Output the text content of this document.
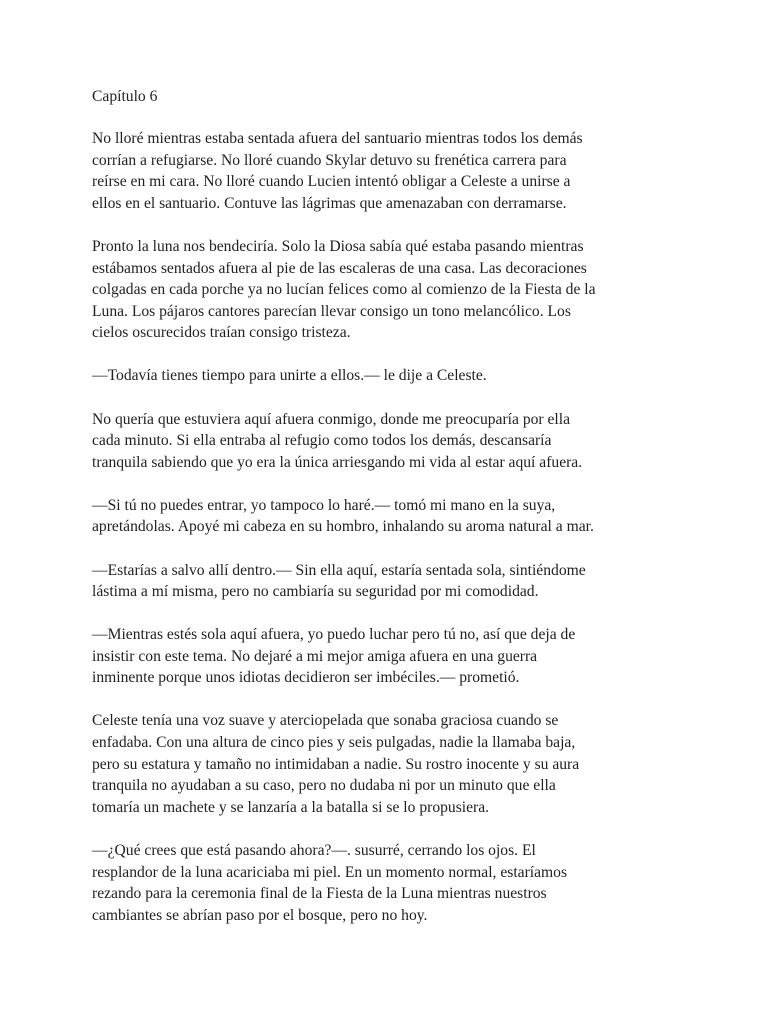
Capítulo 6

No lloré mientras estaba sentada afuera del santuario mientras todos los demás
corrían a refugiarse. No lloré cuando Skylar detuvo su frenética carrera para
reírse en mi cara. No lloré cuando Lucien intentó obligar a Celeste a unirse a
ellos en el santuario. Contuve las lágrimas que amenazaban con derramarse.

Pronto la luna nos bendeciría. Solo la Diosa sabía qué estaba pasando mientras
estábamos sentados afuera al pie de las escaleras de una casa. Las decoraciones
colgadas en cada porche ya no lucían felices como al comienzo de la Fiesta de la
Luna. Los pájaros cantores parecían llevar consigo un tono melancólico. Los
cielos oscurecidos traían consigo tristeza.

—Todavía tienes tiempo para unirte a ellos.— le dije a Celeste.

No quería que estuviera aquí afuera conmigo, donde me preocuparía por ella
cada minuto. Si ella entraba al refugio como todos los demás, descansaría
tranquila sabiendo que yo era la única arriesgando mi vida al estar aquí afuera.

—Si tú no puedes entrar, yo tampoco lo haré.— tomó mi mano en la suya,
apretándolas. Apoyé mi cabeza en su hombro, inhalando su aroma natural a mar.

—Estarías a salvo allí dentro.— Sin ella aquí, estaría sentada sola, sintiéndome
lástima a mí misma, pero no cambiaría su seguridad por mi comodidad.

—Mientras estés sola aquí afuera, yo puedo luchar pero tú no, así que deja de
insistir con este tema. No dejaré a mi mejor amiga afuera en una guerra
inminente porque unos idiotas decidieron ser imbéciles.— prometió.

Celeste tenía una voz suave y aterciopelada que sonaba graciosa cuando se
enfadaba. Con una altura de cinco pies y seis pulgadas, nadie la llamaba baja,
pero su estatura y tamaño no intimidaban a nadie. Su rostro inocente y su aura
tranquila no ayudaban a su caso, pero no dudaba ni por un minuto que ella
tomaría un machete y se lanzaría a la batalla si se lo propusiera.

—¿Qué crees que está pasando ahora?—. susurré, cerrando los ojos. El
resplandor de la luna acariciaba mi piel. En un momento normal, estaríamos
rezando para la ceremonia final de la Fiesta de la Luna mientras nuestros
cambiantes se abrían paso por el bosque, pero no hoy.
